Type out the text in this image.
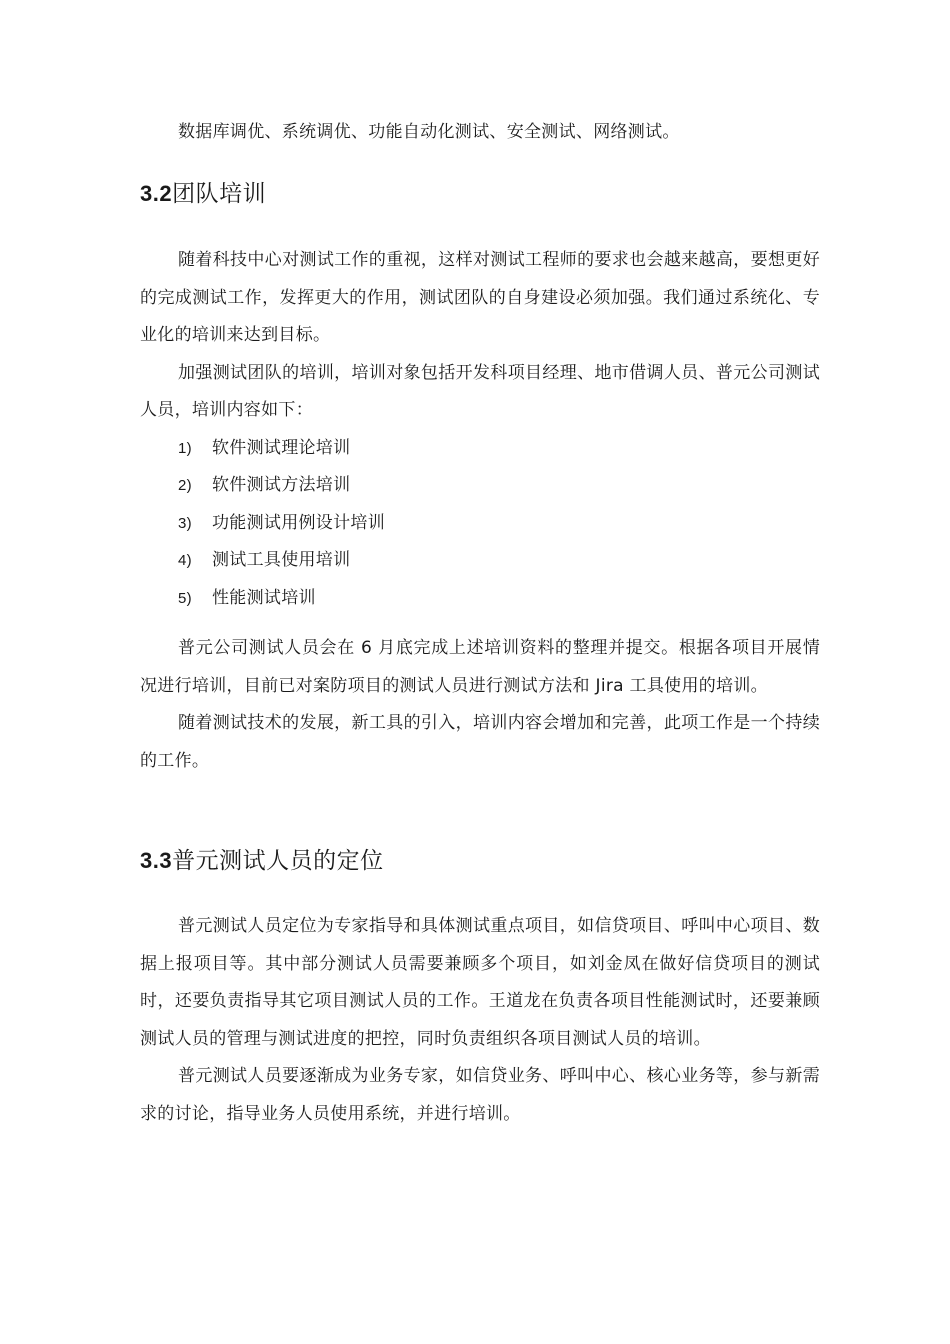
数据库调优、系统调优、功能自动化测试、安全测试、网络测试。

3.2团队培训

随着科技中心对测试工作的重视，这样对测试工程师的要求也会越来越高，要想更好的完成测试工作，发挥更大的作用，测试团队的自身建设必须加强。我们通过系统化、专业化的培训来达到目标。

加强测试团队的培训，培训对象包括开发科项目经理、地市借调人员、普元公司测试人员，培训内容如下：

1)	软件测试理论培训
2)	软件测试方法培训
3)	功能测试用例设计培训
4)	测试工具使用培训
5)	性能测试培训

普元公司测试人员会在 6 月底完成上述培训资料的整理并提交。根据各项目开展情况进行培训，目前已对案防项目的测试人员进行测试方法和 Jira 工具使用的培训。

随着测试技术的发展，新工具的引入，培训内容会增加和完善，此项工作是一个持续的工作。

3.3普元测试人员的定位

普元测试人员定位为专家指导和具体测试重点项目，如信贷项目、呼叫中心项目、数据上报项目等。其中部分测试人员需要兼顾多个项目，如刘金凤在做好信贷项目的测试时，还要负责指导其它项目测试人员的工作。王道龙在负责各项目性能测试时，还要兼顾测试人员的管理与测试进度的把控，同时负责组织各项目测试人员的培训。

普元测试人员要逐渐成为业务专家，如信贷业务、呼叫中心、核心业务等，参与新需求的讨论，指导业务人员使用系统，并进行培训。
